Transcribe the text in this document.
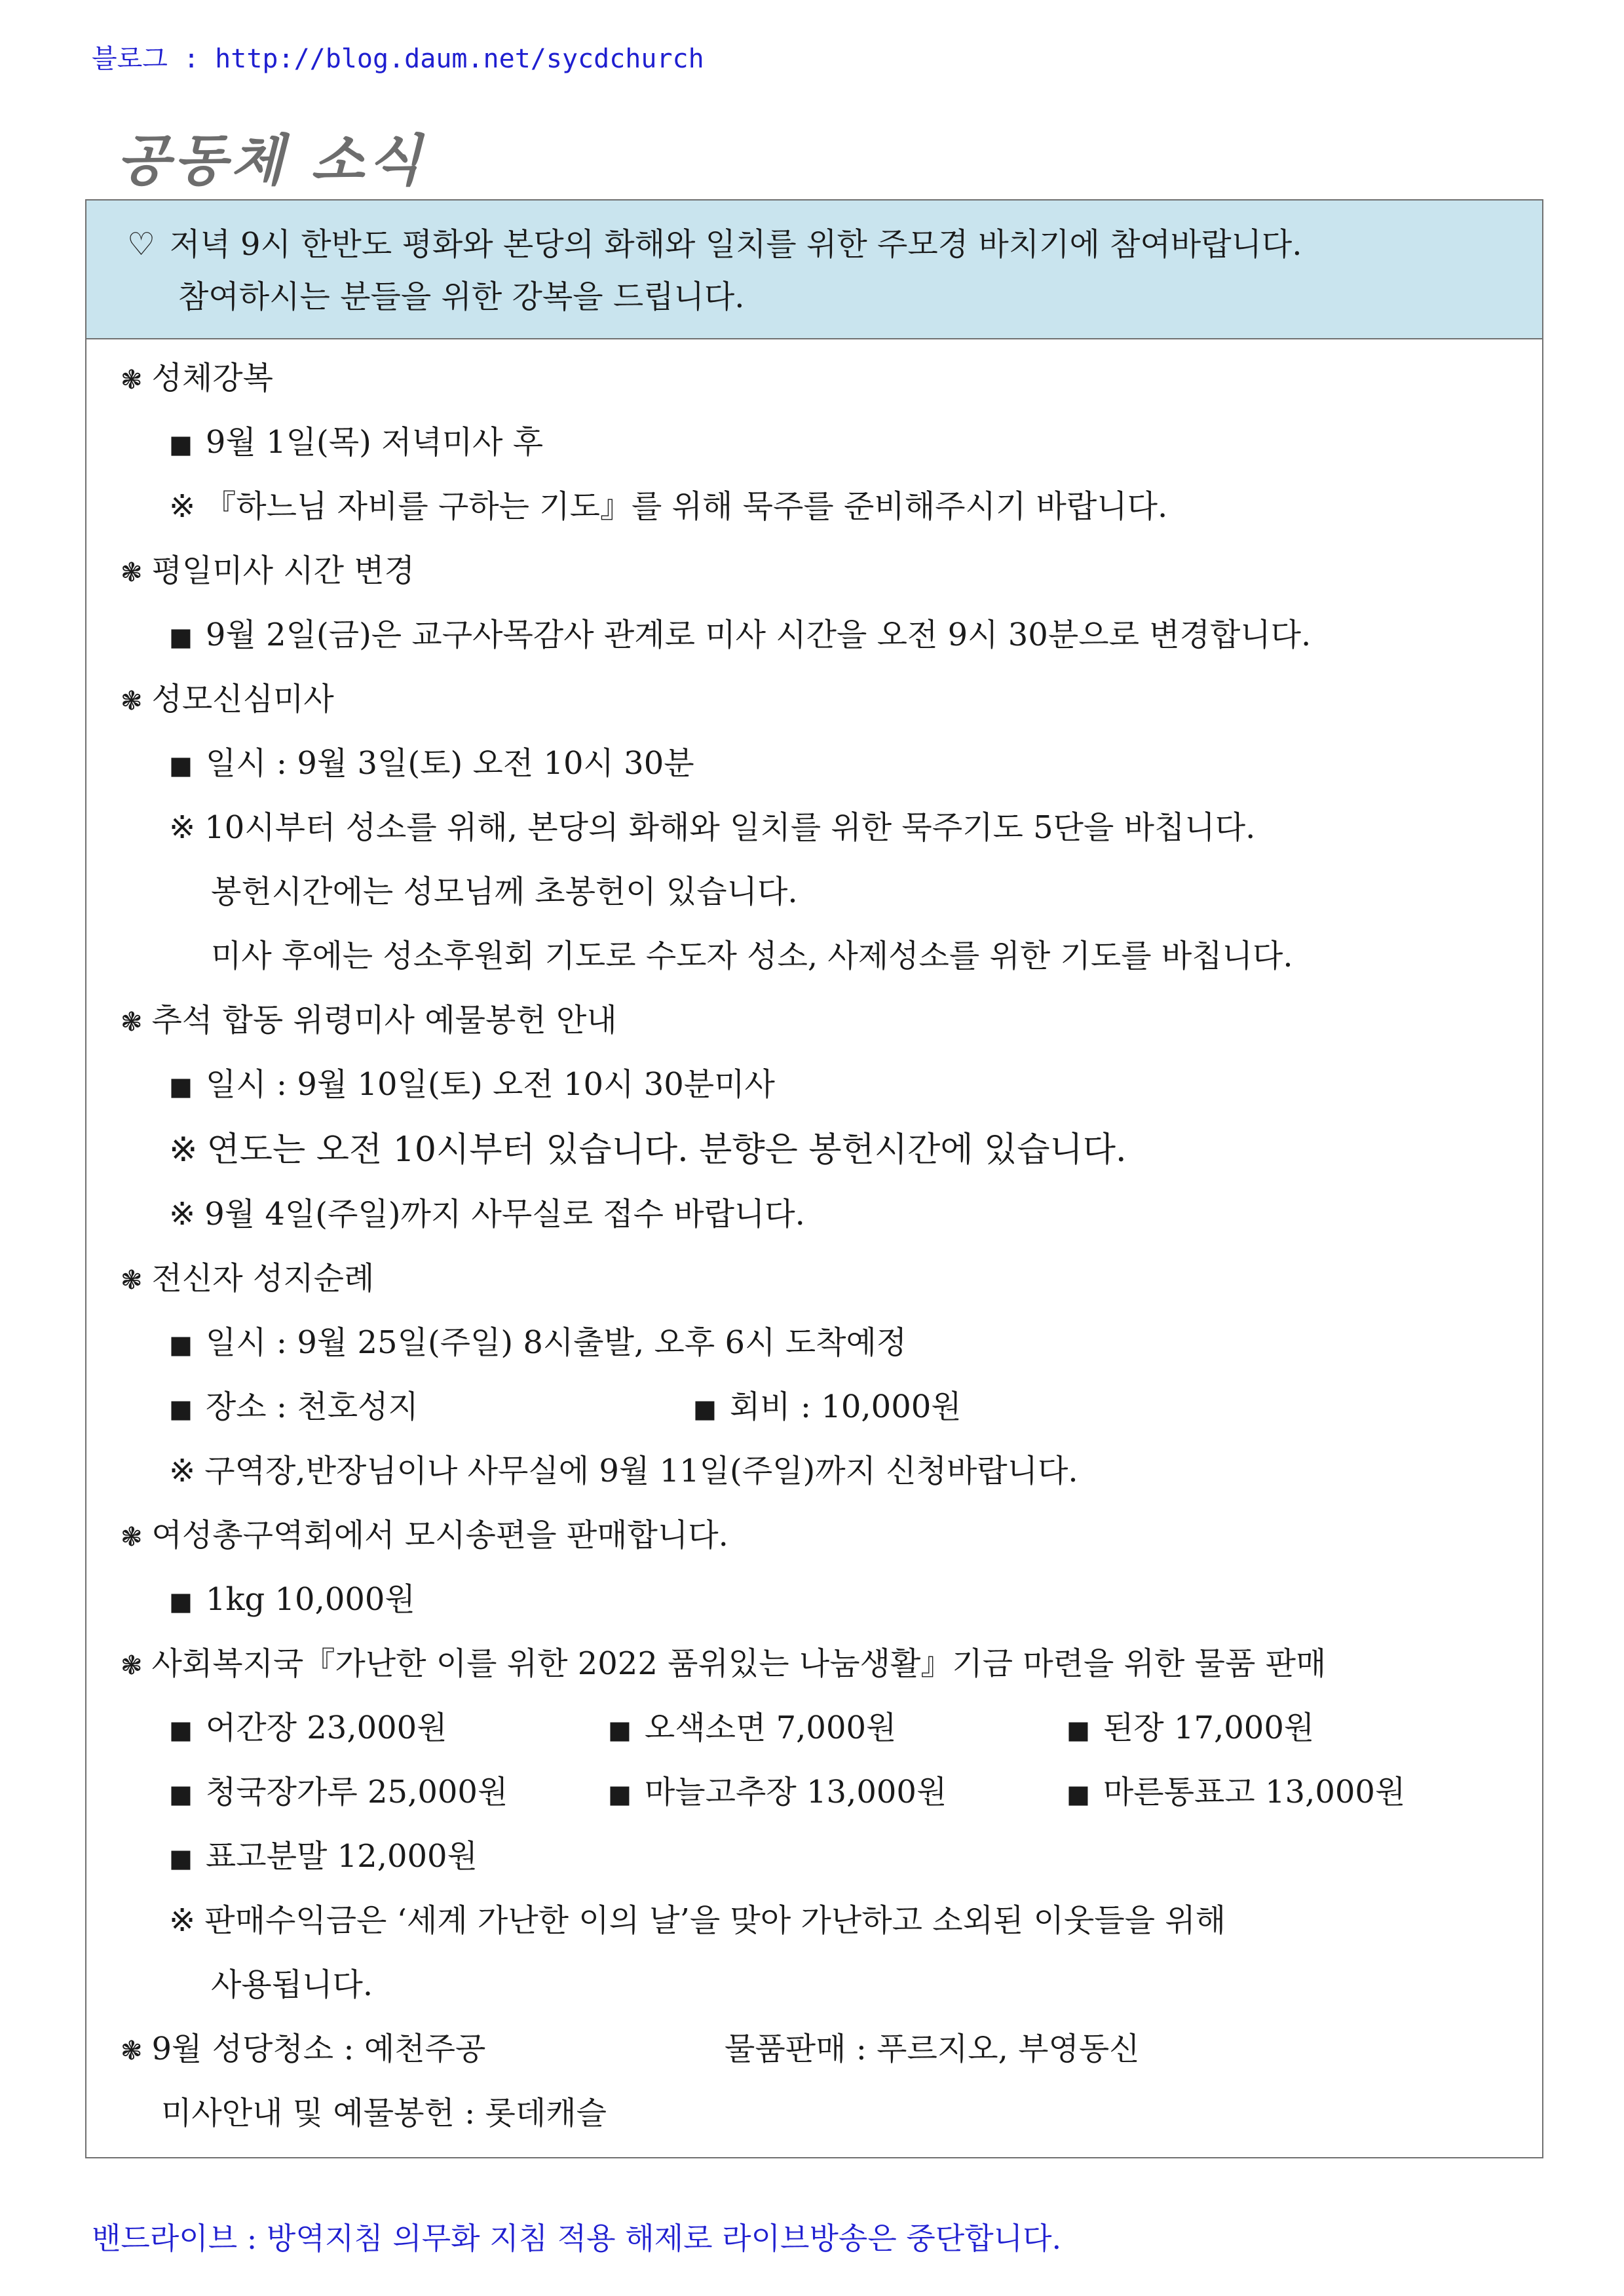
블로그 : http://blog.daum.net/sycdchurch
공동체 소식
♡ 저녁 9시 한반도 평화와 본당의 화해와 일치를 위한 주모경 바치기에 참여바랍니다.
참여하시는 분들을 위한 강복을 드립니다.
❃ 성체강복
■ 9월 1일(목) 저녁미사 후
※ 『하느님 자비를 구하는 기도』를 위해 묵주를 준비해주시기 바랍니다.
❃ 평일미사 시간 변경
■ 9월 2일(금)은 교구사목감사 관계로 미사 시간을 오전 9시 30분으로 변경합니다.
❃ 성모신심미사
■ 일시 : 9월 3일(토) 오전 10시 30분
※ 10시부터 성소를 위해, 본당의 화해와 일치를 위한 묵주기도 5단을 바칩니다.
봉헌시간에는 성모님께 초봉헌이 있습니다.
미사 후에는 성소후원회 기도로 수도자 성소, 사제성소를 위한 기도를 바칩니다.
❃ 추석 합동 위령미사 예물봉헌 안내
■ 일시 : 9월 10일(토) 오전 10시 30분미사
※ 연도는 오전 10시부터 있습니다. 분향은 봉헌시간에 있습니다.
※ 9월 4일(주일)까지 사무실로 접수 바랍니다.
❃ 전신자 성지순례
■ 일시 : 9월 25일(주일) 8시출발, 오후 6시 도착예정
■ 장소 : 천호성지	■ 회비 : 10,000원
※ 구역장,반장님이나 사무실에 9월 11일(주일)까지 신청바랍니다.
❃ 여성총구역회에서 모시송편을 판매합니다.
■ 1kg 10,000원
❃ 사회복지국『가난한 이를 위한 2022 품위있는 나눔생활』기금 마련을 위한 물품 판매
■ 어간장 23,000원	■ 오색소면 7,000원	■ 된장 17,000원
■ 청국장가루 25,000원	■ 마늘고추장 13,000원	■ 마른통표고 13,000원
■ 표고분말 12,000원
※ 판매수익금은 ‘세계 가난한 이의 날’을 맞아 가난하고 소외된 이웃들을 위해
사용됩니다.
❃ 9월 성당청소 : 예천주공	물품판매 : 푸르지오, 부영동신
미사안내 및 예물봉헌 : 롯데캐슬
밴드라이브 : 방역지침 의무화 지침 적용 해제로 라이브방송은 중단합니다.
